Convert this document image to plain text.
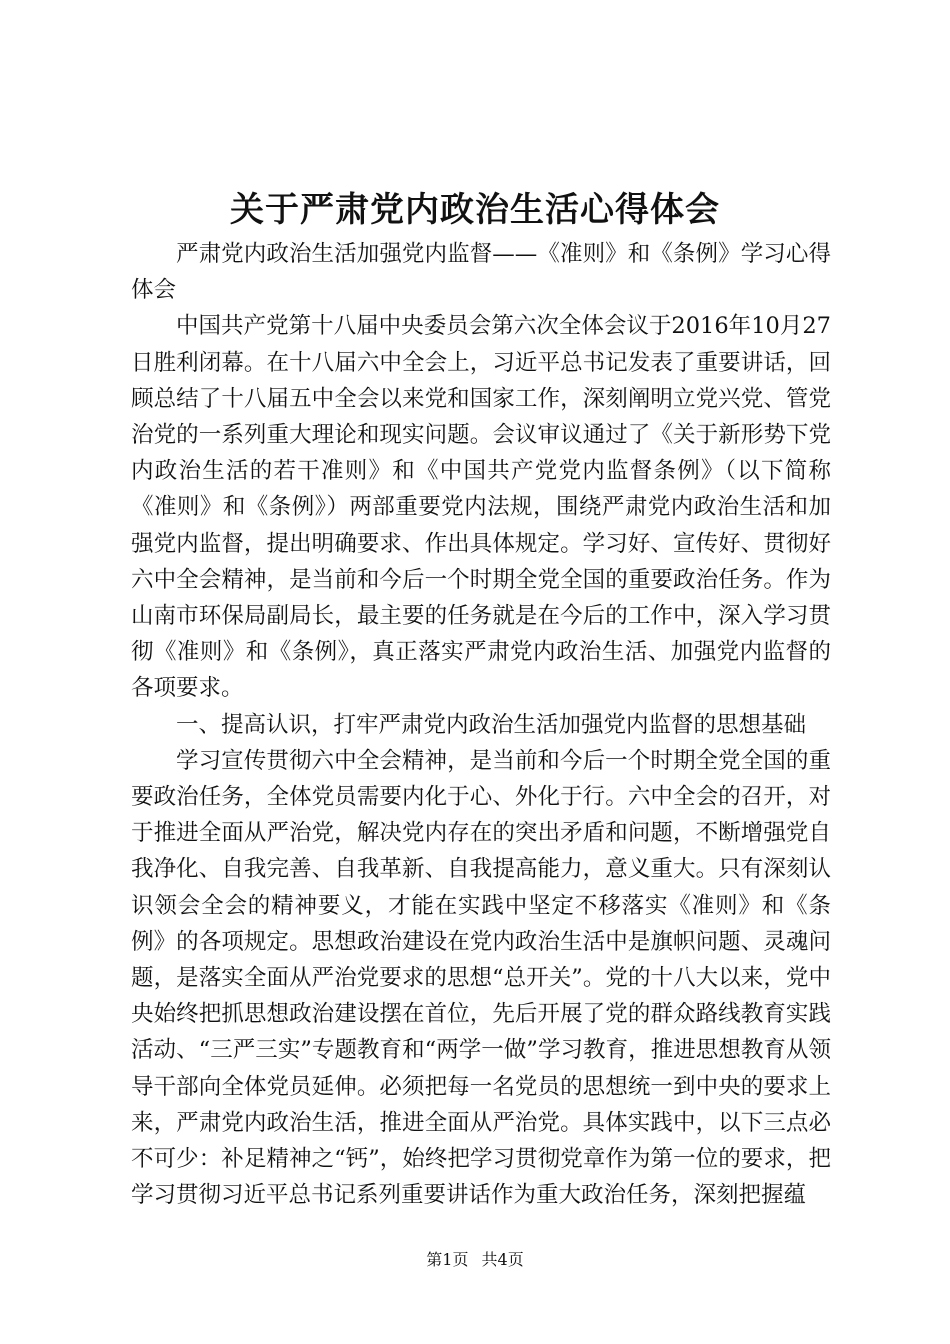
关于严肃党内政治生活心得体会

严肃党内政治生活加强党内监督——《准则》和《条例》学习心得体会

中国共产党第十八届中央委员会第六次全体会议于2016年10月27日胜利闭幕。在十八届六中全会上，习近平总书记发表了重要讲话，回顾总结了十八届五中全会以来党和国家工作，深刻阐明立党兴党、管党治党的一系列重大理论和现实问题。会议审议通过了《关于新形势下党内政治生活的若干准则》和《中国共产党党内监督条例》（以下简称《准则》和《条例》）两部重要党内法规，围绕严肃党内政治生活和加强党内监督，提出明确要求、作出具体规定。学习好、宣传好、贯彻好六中全会精神，是当前和今后一个时期全党全国的重要政治任务。作为山南市环保局副局长，最主要的任务就是在今后的工作中，深入学习贯彻《准则》和《条例》，真正落实严肃党内政治生活、加强党内监督的各项要求。

一、提高认识，打牢严肃党内政治生活加强党内监督的思想基础

学习宣传贯彻六中全会精神，是当前和今后一个时期全党全国的重要政治任务，全体党员需要内化于心、外化于行。六中全会的召开，对于推进全面从严治党，解决党内存在的突出矛盾和问题，不断增强党自我净化、自我完善、自我革新、自我提高能力，意义重大。只有深刻认识领会全会的精神要义，才能在实践中坚定不移落实《准则》和《条例》的各项规定。思想政治建设在党内政治生活中是旗帜问题、灵魂问题，是落实全面从严治党要求的思想“总开关”。党的十八大以来，党中央始终把抓思想政治建设摆在首位，先后开展了党的群众路线教育实践活动、“三严三实”专题教育和“两学一做”学习教育，推进思想教育从领导干部向全体党员延伸。必须把每一名党员的思想统一到中央的要求上来，严肃党内政治生活，推进全面从严治党。具体实践中，以下三点必不可少：补足精神之“钙”，始终把学习贯彻党章作为第一位的要求，把学习贯彻习近平总书记系列重要讲话作为重大政治任务，深刻把握蕴

第1页 共4页
